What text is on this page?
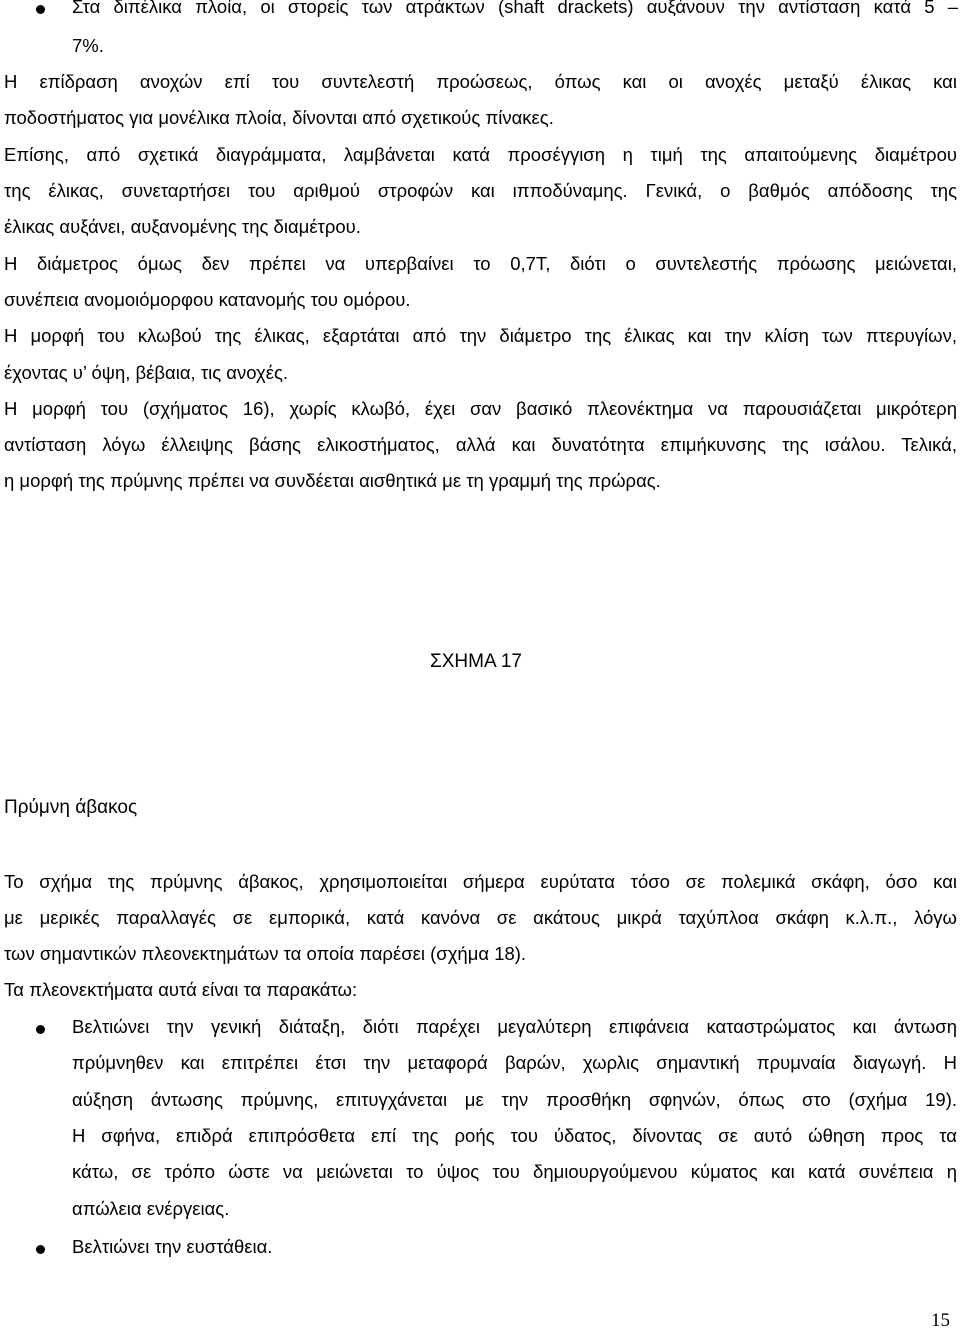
Στα διπέλικα πλοία, οι στορείς των ατράκτων (shaft drackets) αυξάνουν την αντίσταση κατά 5 –
7%.
Η επίδραση ανοχών επί του συντελεστή προώσεως, όπως και οι ανοχές μεταξύ έλικας και
ποδοστήματος για μονέλικα πλοία, δίνονται από σχετικούς πίνακες.
Επίσης, από σχετικά διαγράμματα, λαμβάνεται κατά προσέγγιση η τιμή της απαιτούμενης διαμέτρου
της έλικας, συνεταρτήσει του αριθμού στροφών και ιπποδύναμης. Γενικά, ο βαθμός απόδοσης της
έλικας αυξάνει, αυξανομένης της διαμέτρου.
Η διάμετρος όμως δεν πρέπει να υπερβαίνει το 0,7Τ, διότι ο συντελεστής πρόωσης μειώνεται,
συνέπεια ανομοιόμορφου κατανομής του ομόρου.
Η μορφή του κλωβού της έλικας, εξαρτάται από την διάμετρο της έλικας και την κλίση των πτερυγίων,
έχοντας υ’ όψη, βέβαια, τις ανοχές.
Η μορφή του (σχήματος 16), χωρίς κλωβό, έχει σαν βασικό πλεονέκτημα να παρουσιάζεται μικρότερη
αντίσταση λόγω έλλειψης βάσης ελικοστήματος, αλλά και δυνατότητα επιμήκυνσης της ισάλου. Τελικά,
η μορφή της πρύμνης πρέπει να συνδέεται αισθητικά με τη γραμμή της πρώρας.
ΣΧΗΜΑ 17
Πρύμνη άβακος
Το σχήμα της πρύμνης άβακος, χρησιμοποιείται σήμερα ευρύτατα τόσο σε πολεμικά σκάφη, όσο και
με μερικές παραλλαγές σε εμπορικά, κατά κανόνα σε ακάτους μικρά ταχύπλοα σκάφη κ.λ.π., λόγω
των σημαντικών πλεονεκτημάτων τα οποία παρέσει (σχήμα 18).
Τα πλεονεκτήματα αυτά είναι τα παρακάτω:
Βελτιώνει την γενική διάταξη, διότι παρέχει μεγαλύτερη επιφάνεια καταστρώματος και άντωση
πρύμνηθεν και επιτρέπει έτσι την μεταφορά βαρών, χωρλις σημαντική πρυμναία διαγωγή. Η
αύξηση άντωσης πρύμνης, επιτυγχάνεται με την προσθήκη σφηνών, όπως στο (σχήμα 19).
Η σφήνα, επιδρά επιπρόσθετα επί της ροής του ύδατος, δίνοντας σε αυτό ώθηση προς τα
κάτω, σε τρόπο ώστε να μειώνεται το ύψος του δημιουργούμενου κύματος και κατά συνέπεια η
απώλεια ενέργειας.
Βελτιώνει την ευστάθεια.
15
